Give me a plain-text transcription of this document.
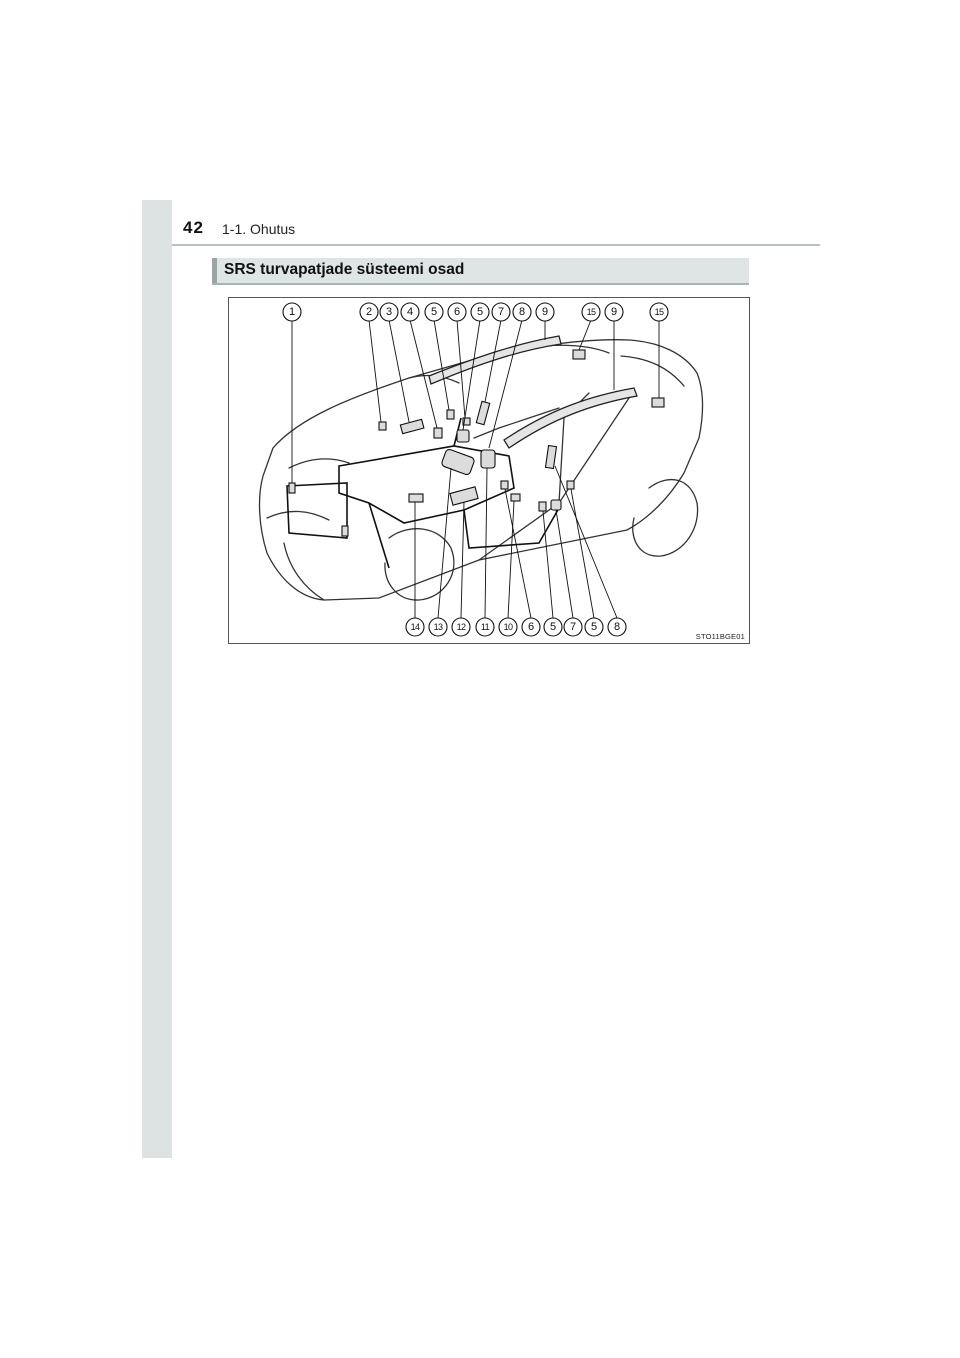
42 1-1. Ohutus
SRS turvapatjade süsteemi osad
1	2 3 4 5 6 5 7 8 9	15 9	15
14 13 12 11 10 6 5 7 5 8
STO11BGE01
